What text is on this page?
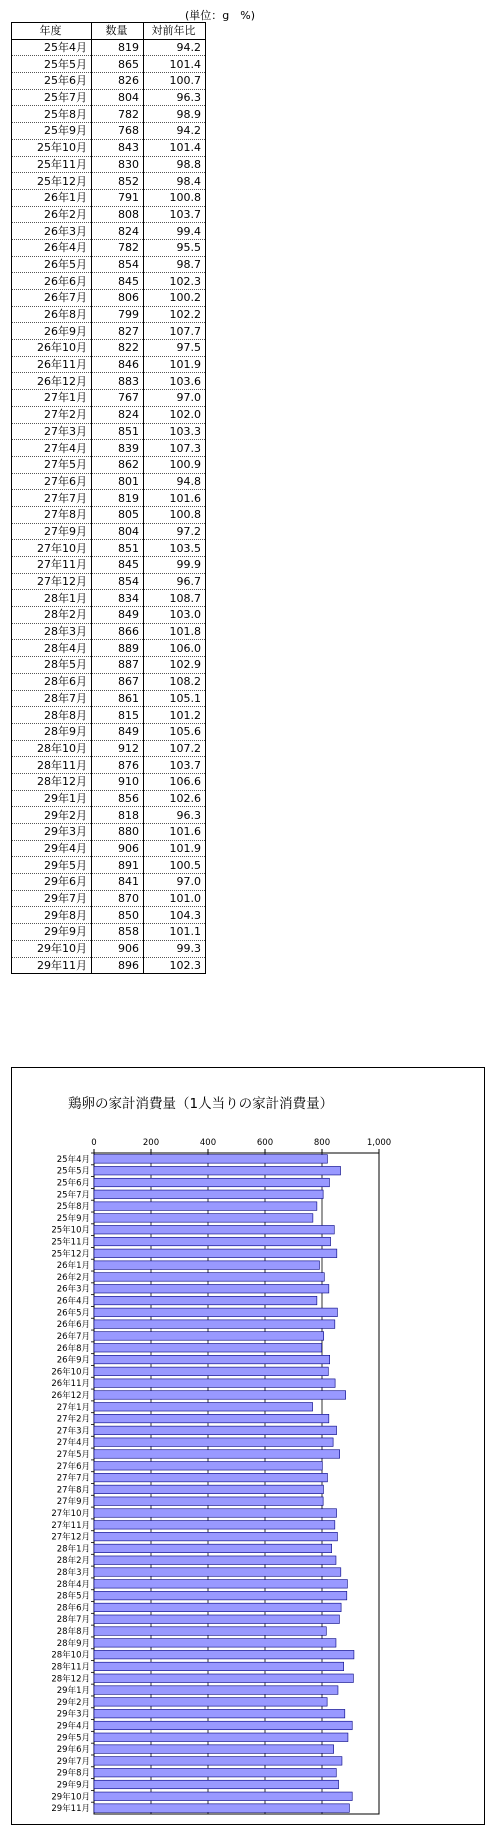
(単位：g　%)
年度	数量	対前年比
25年4月	819	94.2
25年5月	865	101.4
25年6月	826	100.7
25年7月	804	96.3
25年8月	782	98.9
25年9月	768	94.2
25年10月	843	101.4
25年11月	830	98.8
25年12月	852	98.4
26年1月	791	100.8
26年2月	808	103.7
26年3月	824	99.4
26年4月	782	95.5
26年5月	854	98.7
26年6月	845	102.3
26年7月	806	100.2
26年8月	799	102.2
26年9月	827	107.7
26年10月	822	97.5
26年11月	846	101.9
26年12月	883	103.6
27年1月	767	97.0
27年2月	824	102.0
27年3月	851	103.3
27年4月	839	107.3
27年5月	862	100.9
27年6月	801	94.8
27年7月	819	101.6
27年8月	805	100.8
27年9月	804	97.2
27年10月	851	103.5
27年11月	845	99.9
27年12月	854	96.7
28年1月	834	108.7
28年2月	849	103.0
28年3月	866	101.8
28年4月	889	106.0
28年5月	887	102.9
28年6月	867	108.2
28年7月	861	105.1
28年8月	815	101.2
28年9月	849	105.6
28年10月	912	107.2
28年11月	876	103.7
28年12月	910	106.6
29年1月	856	102.6
29年2月	818	96.3
29年3月	880	101.6
29年4月	906	101.9
29年5月	891	100.5
29年6月	841	97.0
29年7月	870	101.0
29年8月	850	104.3
29年9月	858	101.1
29年10月	906	99.3
29年11月	896	102.3
鶏卵の家計消費量（1人当りの家計消費量）
0	200	400	600	800	1,000
25年4月
25年5月
25年6月
25年7月
25年8月
25年9月
25年10月
25年11月
25年12月
26年1月
26年2月
26年3月
26年4月
26年5月
26年6月
26年7月
26年8月
26年9月
26年10月
26年11月
26年12月
27年1月
27年2月
27年3月
27年4月
27年5月
27年6月
27年7月
27年8月
27年9月
27年10月
27年11月
27年12月
28年1月
28年2月
28年3月
28年4月
28年5月
28年6月
28年7月
28年8月
28年9月
28年10月
28年11月
28年12月
29年1月
29年2月
29年3月
29年4月
29年5月
29年6月
29年7月
29年8月
29年9月
29年10月
29年11月
